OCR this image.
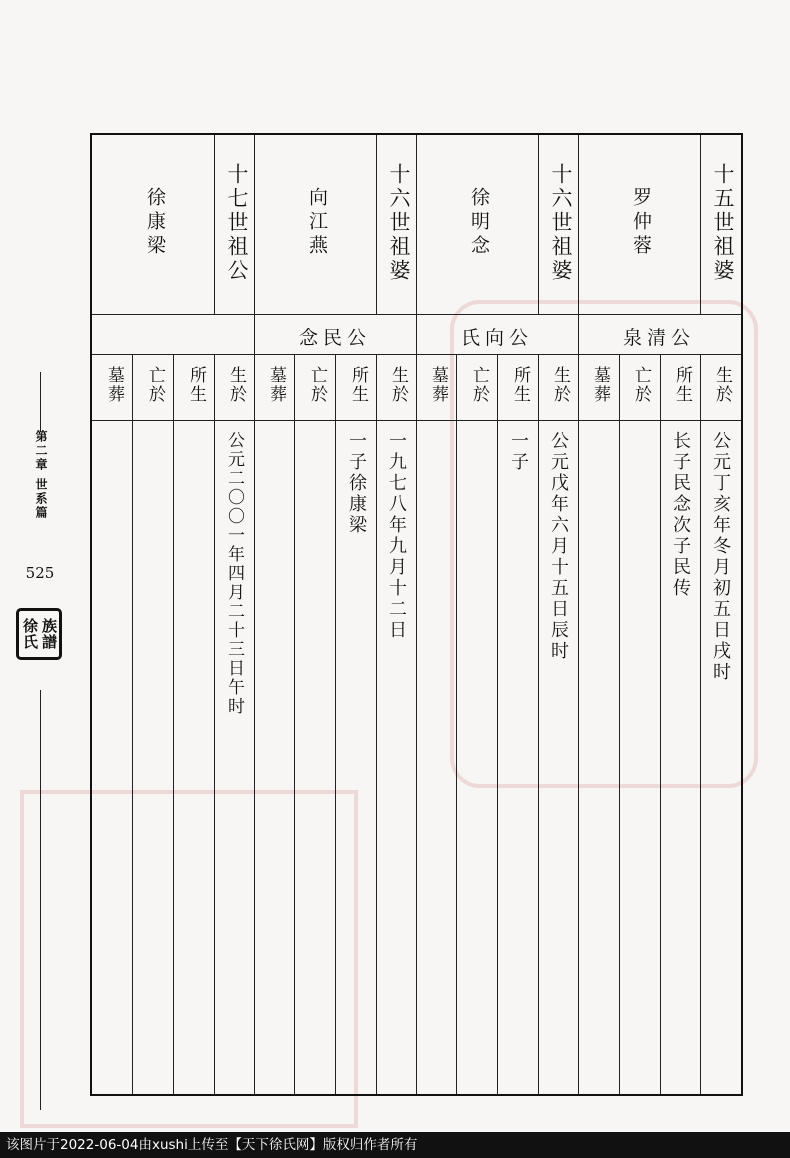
第二章 世系篇
525
徐氏 族譜
十五世祖婆
罗仲蓉
泉清公
生於
所生
亡於
墓葬
公元丁亥年冬月初五日戌时
长子民念次子民传
十六世祖婆
徐明念
氏向公
生於
所生
亡於
墓葬
公元戊年六月十五日辰时
一子
十六世祖婆
向江燕
念民公
生於
所生
亡於
墓葬
一九七八年九月十二日
一子徐康梁
十七世祖公
徐康梁
生於
所生
亡於
墓葬
公元二〇〇一年四月二十三日午时
该图片于2022-06-04由xushi上传至【天下徐氏网】版权归作者所有
